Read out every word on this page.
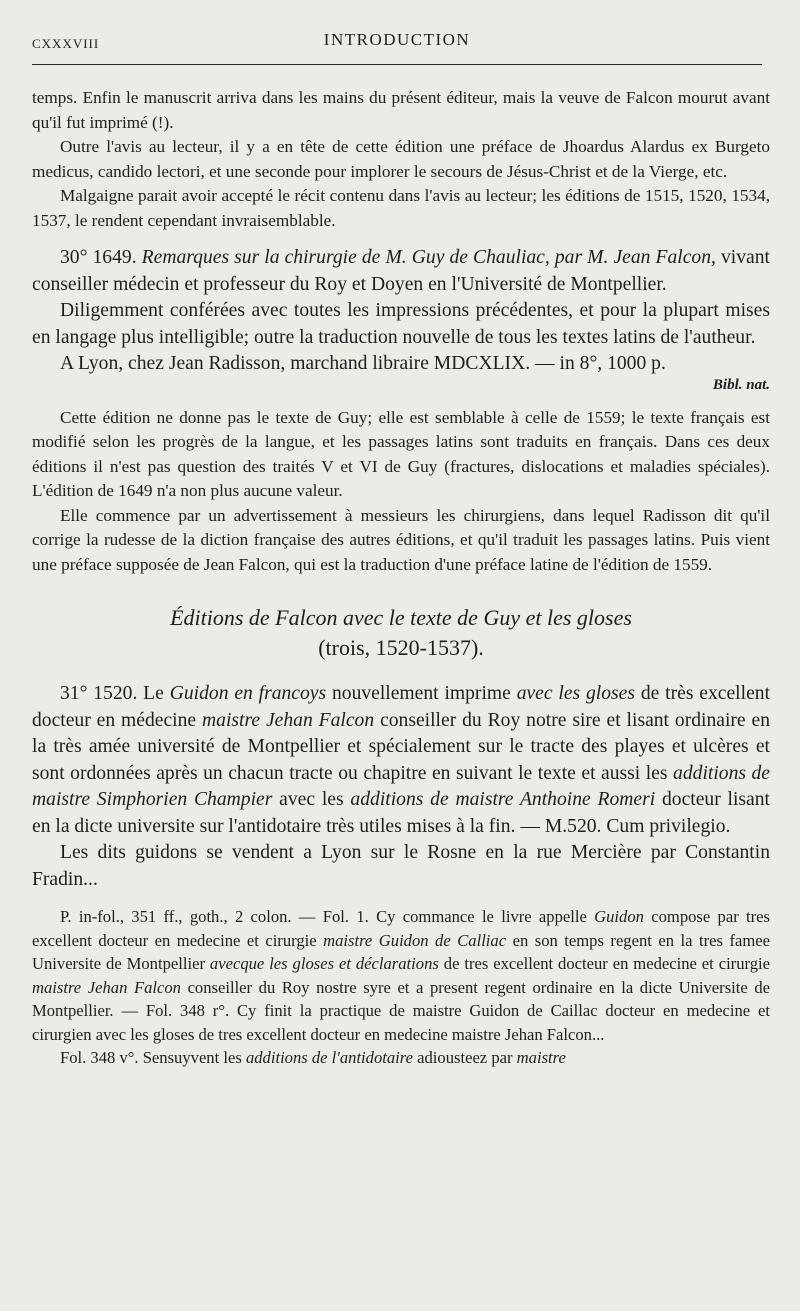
CXXXVIII	INTRODUCTION

temps. Enfin le manuscrit arriva dans les mains du présent éditeur, mais la veuve de Falcon mourut avant qu'il fut imprimé (!).

Outre l'avis au lecteur, il y a en tête de cette édition une préface de Jhoardus Alardus ex Burgeto medicus, candido lectori, et une seconde pour implorer le secours de Jésus-Christ et de la Vierge, etc.

Malgaigne parait avoir accepté le récit contenu dans l'avis au lecteur; les éditions de 1515, 1520, 1534, 1537, le rendent cependant invraisemblable.

30° 1649. Remarques sur la chirurgie de M. Guy de Chauliac, par M. Jean Falcon, vivant conseiller médecin et professeur du Roy et Doyen en l'Université de Montpellier.

Diligemment conférées avec toutes les impressions précédentes, et pour la plupart mises en langage plus intelligible; outre la traduction nouvelle de tous les textes latins de l'autheur.

A Lyon, chez Jean Radisson, marchand libraire MDCXLIX. — in 8°, 1000 p.

Bibl. nat.

Cette édition ne donne pas le texte de Guy; elle est semblable à celle de 1559; le texte français est modifié selon les progrès de la langue, et les passages latins sont traduits en français. Dans ces deux éditions il n'est pas question des traités V et VI de Guy (fractures, dislocations et maladies spéciales). L'édition de 1649 n'a non plus aucune valeur.

Elle commence par un advertissement à messieurs les chirurgiens, dans lequel Radisson dit qu'il corrige la rudesse de la diction française des autres éditions, et qu'il traduit les passages latins. Puis vient une préface supposée de Jean Falcon, qui est la traduction d'une préface latine de l'édition de 1559.

Éditions de Falcon avec le texte de Guy et les gloses
(trois, 1520-1537).

31° 1520. Le Guidon en francoys nouvellement imprime avec les gloses de très excellent docteur en médecine maistre Jehan Falcon conseiller du Roy notre sire et lisant ordinaire en la très amée université de Montpellier et spécialement sur le tracte des playes et ulcères et sont ordonnées après un chacun tracte ou chapitre en suivant le texte et aussi les additions de maistre Simphorien Champier avec les additions de maistre Anthoine Romeri docteur lisant en la dicte universite sur l'antidotaire très utiles mises à la fin. — M.520. Cum privilegio.

Les dits guidons se vendent a Lyon sur le Rosne en la rue Mercière par Constantin Fradin...

P. in-fol., 351 ff., goth., 2 colon. — Fol. 1. Cy commance le livre appelle Guidon compose par tres excellent docteur en medecine et cirurgie maistre Guidon de Calliac en son temps regent en la tres famee Universite de Montpellier avecque les gloses et déclarations de tres excellent docteur en medecine et cirurgie maistre Jehan Falcon conseiller du Roy nostre syre et a present regent ordinaire en la dicte Universite de Montpellier. — Fol. 348 r°. Cy finit la practique de maistre Guidon de Caillac docteur en medecine et cirurgien avec les gloses de tres excellent docteur en medecine maistre Jehan Falcon...

Fol. 348 v°. Sensuyvent les additions de l'antidotaire adiousteez par maistre
